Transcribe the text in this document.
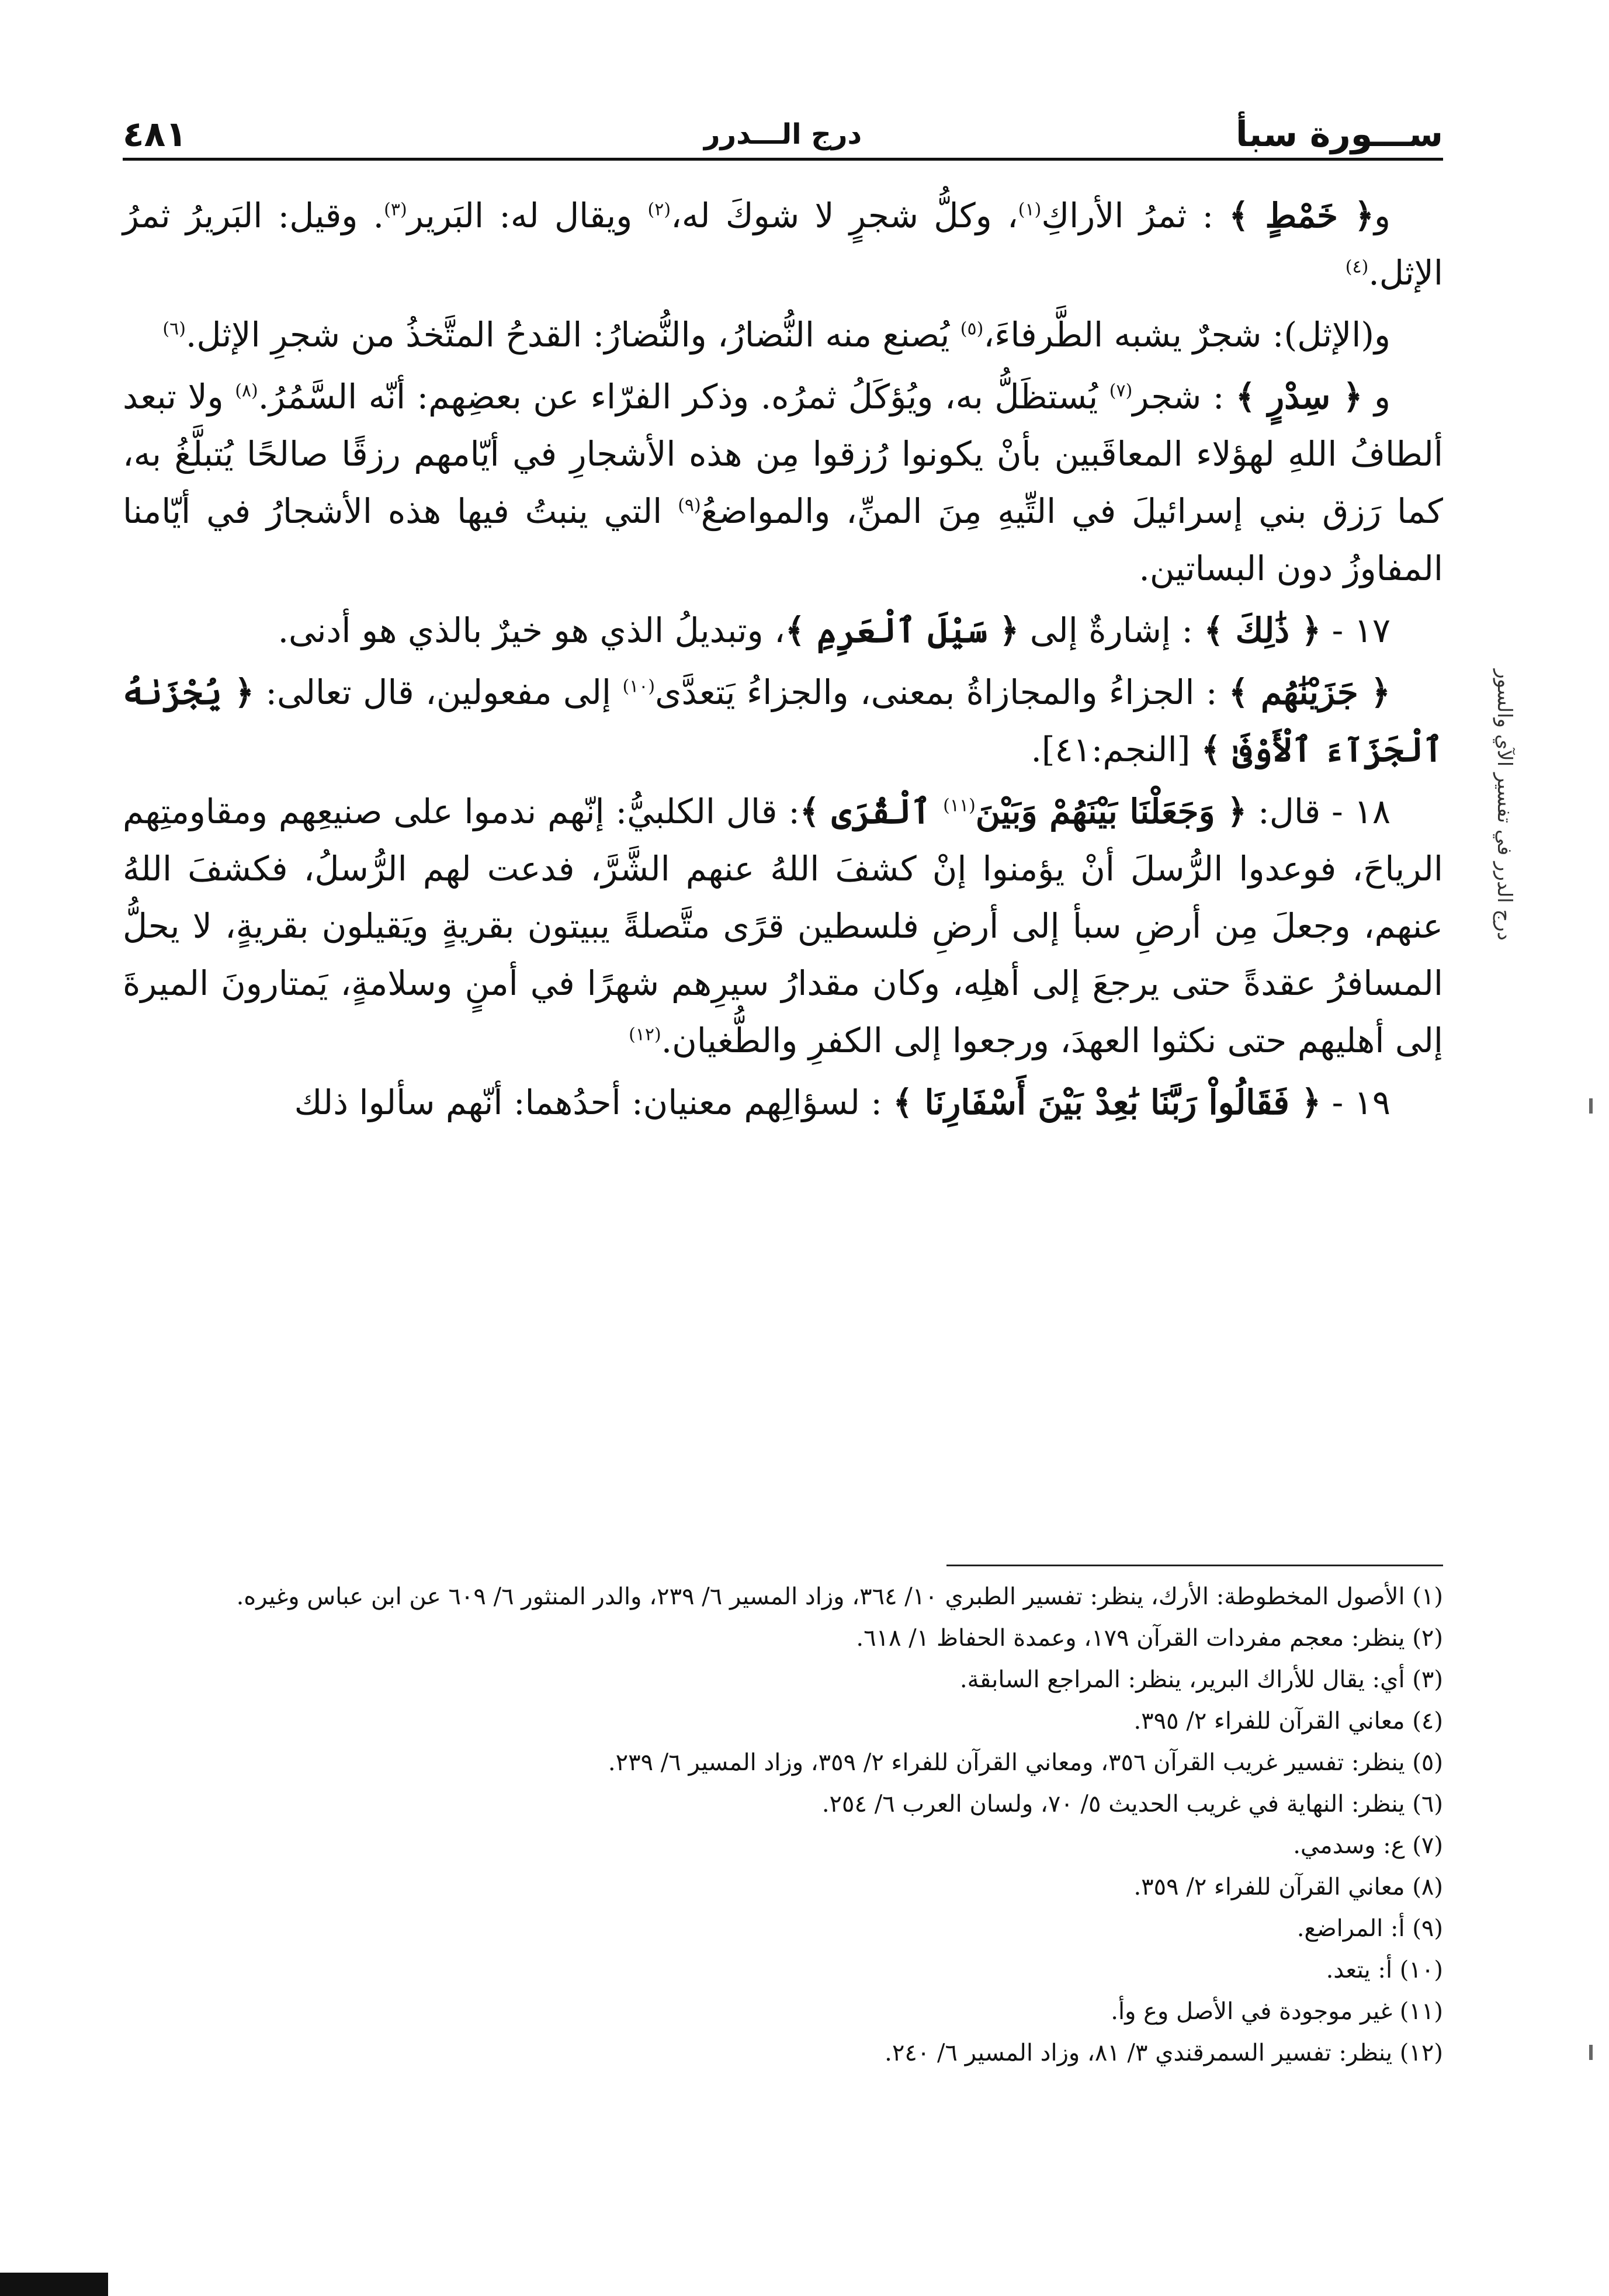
ســـورة سبأ
درج الـــدرر
٤٨١

و﴿ خَمْطٍ ﴾ : ثمرُ الأراكِ$^{(١)}$، وكلُّ شجرٍ لا شوكَ له،$^{(٢)}$ ويقال له: البَرير$^{(٣)}$. وقيل: البَريرُ ثمرُ الإثل.$^{(٤)}$

و(الإثل): شجرٌ يشبه الطَّرفاءَ،$^{(٥)}$ يُصنع منه النُّضارُ، والنُّضارُ: القدحُ المتَّخذُ من شجرِ الإثل.$^{(٦)}$

و ﴿ سِدْرٍ ﴾ : شجر$^{(٧)}$ يُستظَلُّ به، ويُؤكَلُ ثمرُه. وذكر الفرّاء عن بعضِهم: أنّه السَّمُرُ.$^{(٨)}$ ولا تبعد ألطافُ اللهِ لهؤلاء المعاقَبين بأنْ يكونوا رُزقوا مِن هذه الأشجارِ في أيّامهم رزقًا صالحًا يُتبلَّغُ به، كما رَزق بني إسرائيلَ في التِّيهِ مِنَ المنِّ، والمواضعُ$^{(٩)}$ التي ينبتُ فيها هذه الأشجارُ في أيّامنا المفاوزُ دون البساتين.

١٧ - ﴿ ذَٰلِكَ ﴾ : إشارةٌ إلى ﴿ سَيْلَ ٱلْعَرِمِ ﴾، وتبديلُ الذي هو خيرٌ بالذي هو أدنى.

﴿ جَزَيْنَٰهُم ﴾ : الجزاءُ والمجازاةُ بمعنى، والجزاءُ يَتعدَّى$^{(١٠)}$ إلى مفعولين، قال تعالى: ﴿ يُجْزَىٰهُ ٱلْجَزَآءَ ٱلْأَوْفَىٰ ﴾ [النجم:٤١].

١٨ - قال: ﴿ وَجَعَلْنَا بَيْنَهُمْ وَبَيْنَ$^{(١١)}$ ٱلْقُرَى ﴾: قال الكلبيُّ: إنّهم ندموا على صنيعِهم ومقاومتِهم الرياحَ، فوعدوا الرُّسلَ أنْ يؤمنوا إنْ كشفَ اللهُ عنهم الشَّرَّ، فدعت لهم الرُّسلُ، فكشفَ اللهُ عنهم، وجعلَ مِن أرضِ سبأ إلى أرضِ فلسطين قرًى متَّصلةً يبيتون بقريةٍ ويَقيلون بقريةٍ، لا يحلُّ المسافرُ عقدةً حتى يرجعَ إلى أهلِه، وكان مقدارُ سيرِهم شهرًا في أمنٍ وسلامةٍ، يَمتارونَ الميرةَ إلى أهليهم حتى نكثوا العهدَ، ورجعوا إلى الكفرِ والطُّغيان.$^{(١٢)}$

١٩ - ﴿ فَقَالُواْ رَبَّنَا بَٰعِدْ بَيْنَ أَسْفَارِنَا ﴾ : لسؤالِهم معنيان: أحدُهما: أنّهم سألوا ذلك

(١) الأصول المخطوطة: الأرك، ينظر: تفسير الطبري ١٠/ ٣٦٤، وزاد المسير ٦/ ٢٣٩، والدر المنثور ٦/ ٦٠٩ عن ابن عباس وغيره.

(٢) ينظر: معجم مفردات القرآن ١٧٩، وعمدة الحفاظ ١/ ٦١٨.

(٣) أي: يقال للأراك البرير، ينظر: المراجع السابقة.

(٤) معاني القرآن للفراء ٢/ ٣٩٥.

(٥) ينظر: تفسير غريب القرآن ٣٥٦، ومعاني القرآن للفراء ٢/ ٣٥٩، وزاد المسير ٦/ ٢٣٩.

(٦) ينظر: النهاية في غريب الحديث ٥/ ٧٠، ولسان العرب ٦/ ٢٥٤.

(٧) ع: وسدمي.

(٨) معاني القرآن للفراء ٢/ ٣٥٩.

(٩) أ: المراضع.

(١٠) أ: يتعد.

(١١) غير موجودة في الأصل وع وأ.

(١٢) ينظر: تفسير السمرقندي ٣/ ٨١، وزاد المسير ٦/ ٢٤٠.

درج الدرر في تفسير الآي والسور
